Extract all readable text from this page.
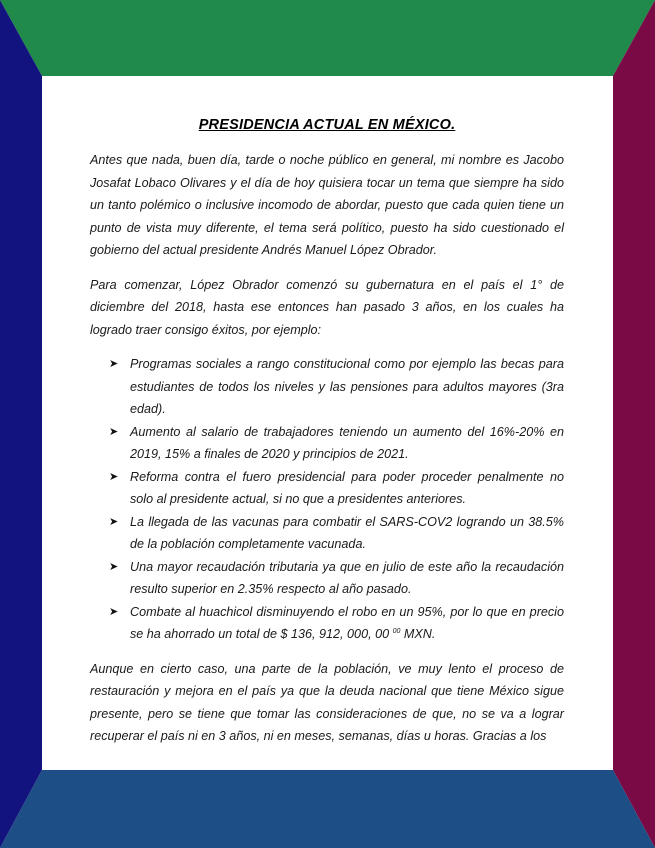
PRESIDENCIA ACTUAL EN MÉXICO.

Antes que nada, buen día, tarde o noche público en general, mi nombre es Jacobo Josafat Lobaco Olivares y el día de hoy quisiera tocar un tema que siempre ha sido un tanto polémico o inclusive incomodo de abordar, puesto que cada quien tiene un punto de vista muy diferente, el tema será político, puesto ha sido cuestionado el gobierno del actual presidente Andrés Manuel López Obrador.

Para comenzar, López Obrador comenzó su gubernatura en el país el 1° de diciembre del 2018, hasta ese entonces han pasado 3 años, en los cuales ha logrado traer consigo éxitos, por ejemplo:

➤ Programas sociales a rango constitucional como por ejemplo las becas para estudiantes de todos los niveles y las pensiones para adultos mayores (3ra edad).
➤ Aumento al salario de trabajadores teniendo un aumento del 16%-20% en 2019, 15% a finales de 2020 y principios de 2021.
➤ Reforma contra el fuero presidencial para poder proceder penalmente no solo al presidente actual, si no que a presidentes anteriores.
➤ La llegada de las vacunas para combatir el SARS-COV2 logrando un 38.5% de la población completamente vacunada.
➤ Una mayor recaudación tributaria ya que en julio de este año la recaudación resulto superior en 2.35% respecto al año pasado.
➤ Combate al huachicol disminuyendo el robo en un 95%, por lo que en precio se ha ahorrado un total de $ 136, 912, 000, 00 $^{00}$ MXN.

Aunque en cierto caso, una parte de la población, ve muy lento el proceso de restauración y mejora en el país ya que la deuda nacional que tiene México sigue presente, pero se tiene que tomar las consideraciones de que, no se va a lograr recuperar el país ni en 3 años, ni en meses, semanas, días u horas. Gracias a los
